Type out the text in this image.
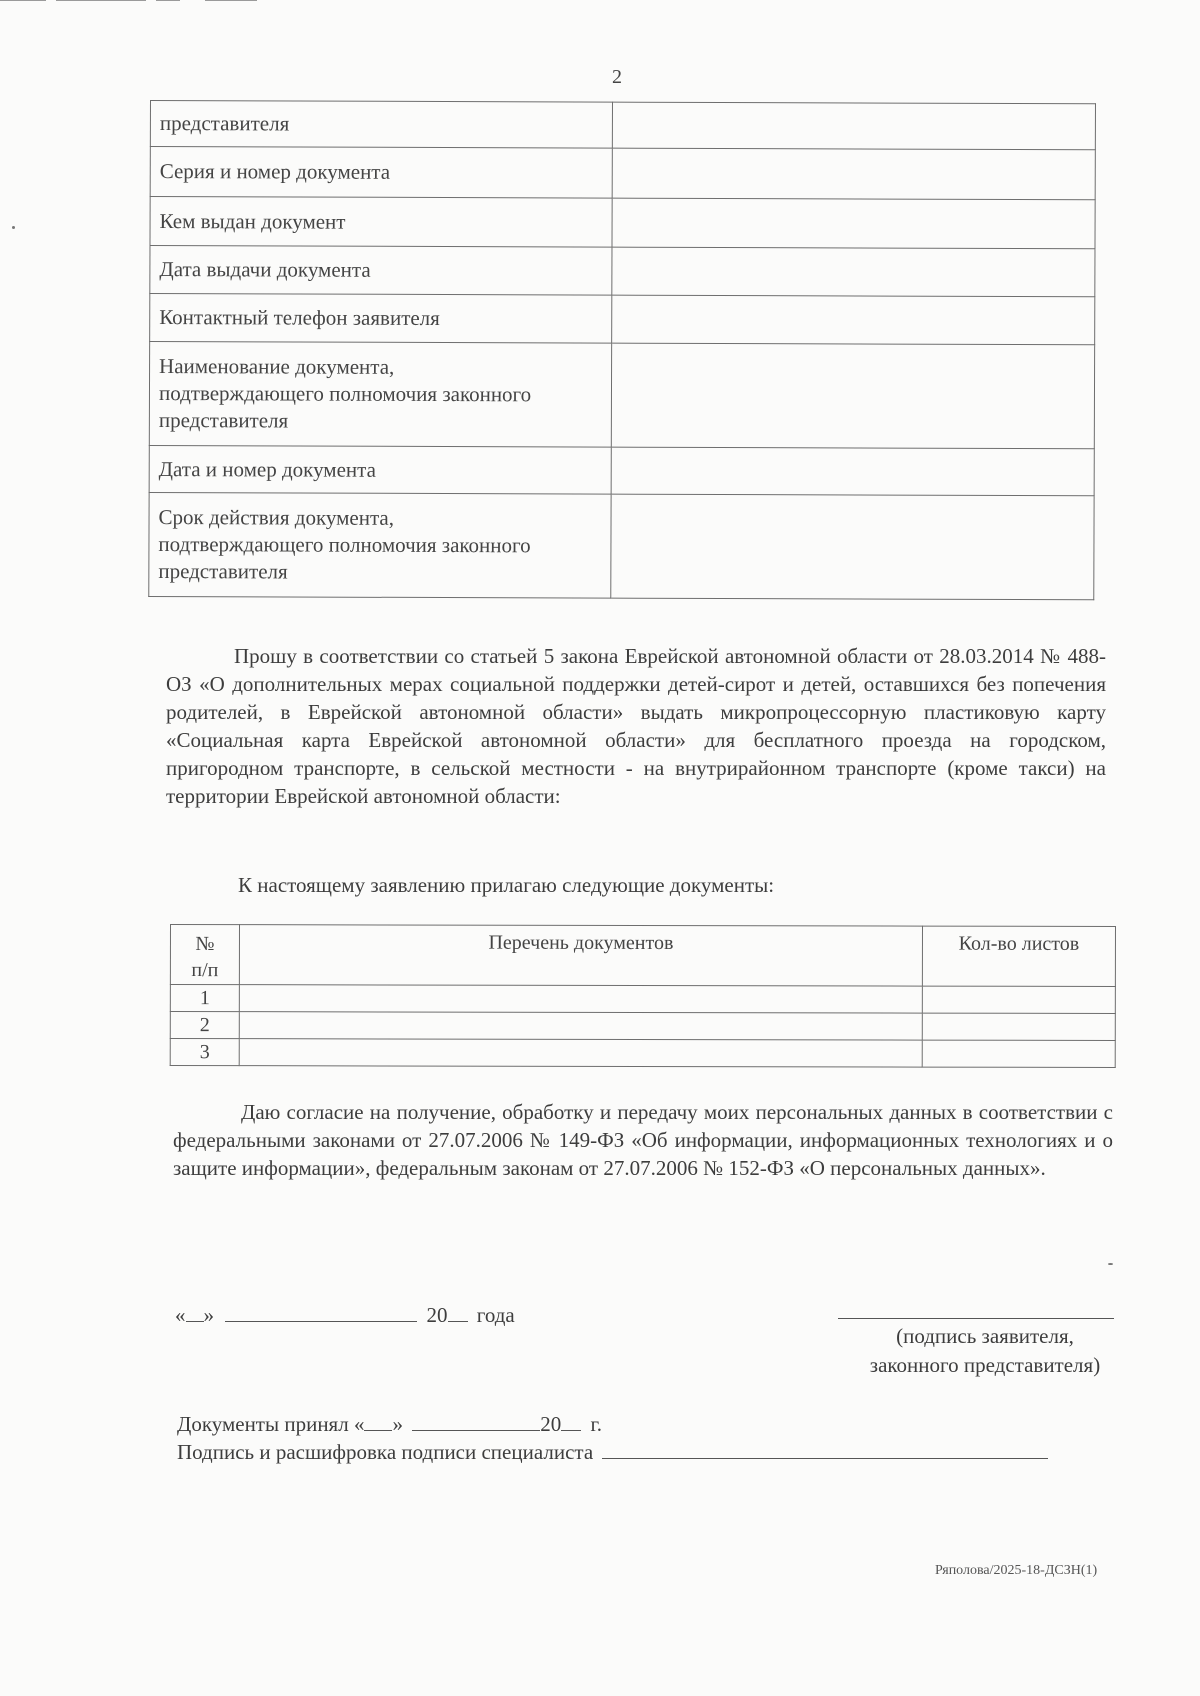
2
представителя	
Серия и номер документа	
Кем выдан документ	
Дата выдачи документа	
Контактный телефон заявителя	

Наименование документа,
подтверждающего полномочия законного
представителя	

Дата и номер документа	

Срок действия документа,
подтверждающего полномочия законного
представителя	

Прошу в соответствии со статьей 5 закона Еврейской автономной области от 28.03.2014 № 488-ОЗ «О дополнительных мерах социальной поддержки детей-сирот и детей, оставшихся без попечения родителей, в Еврейской автономной области» выдать микропроцессорную пластиковую карту «Социальная карта Еврейской автономной области» для бесплатного проезда на городском, пригородном транспорте, в сельской местности - на внутрирайонном транспорте (кроме такси) на территории Еврейской автономной области:

К настоящему заявлению прилагаю следующие документы:
№
п/п	Перечень документов	Кол-во листов
1		
2		
3		

Даю согласие на получение, обработку и передачу моих персональных данных в соответствии с федеральными законами от 27.07.2006 № 149-ФЗ «Об информации, информационных технологиях и о защите информации», федеральным законам от 27.07.2006 № 152-ФЗ «О персональных данных».

« »	20 года
(подпись заявителя,
законного представителя)
Документы принял « »	20 г.
Подпись и расшифровка подписи специалиста
Ряполова/2025-18-ДСЗН(1)
